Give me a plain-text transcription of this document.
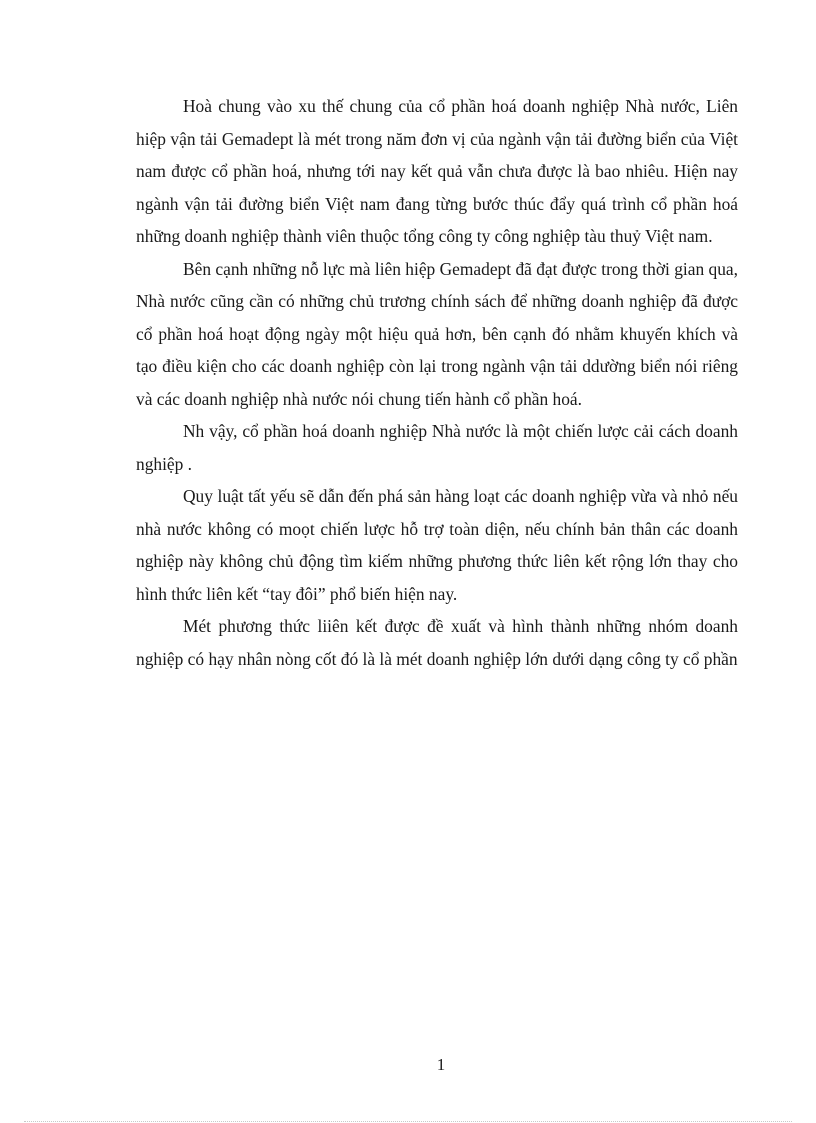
Hoà chung vào xu thế chung của cổ phần hoá doanh nghiệp Nhà nước, Liên hiệp vận tải Gemadept là mét trong năm đơn vị của ngành vận tải đường biển của Việt nam được cổ phần hoá, nhưng tới nay kết quả vẫn chưa được là bao nhiêu. Hiện nay ngành vận tải đường biển Việt nam đang từng bước thúc đẩy quá trình cổ phần hoá những doanh nghiệp thành viên thuộc tổng công ty công nghiệp tàu thuỷ Việt nam.

Bên cạnh những nỗ lực mà liên hiệp Gemadept đã đạt được trong thời gian qua, Nhà nước cũng cần có những chủ trương chính sách để những doanh nghiệp đã được cổ phần hoá hoạt động ngày một hiệu quả hơn, bên cạnh đó nhằm khuyến khích và tạo điều kiện cho các doanh nghiệp còn lại trong ngành vận tải ddường biển nói riêng và các doanh nghiệp nhà nước nói chung tiến hành cổ phần hoá.

Nh vậy, cổ phần hoá doanh nghiệp Nhà nước là một chiến lược cải cách doanh nghiệp .

Quy luật tất yếu sẽ dẫn đến phá sản hàng loạt các doanh nghiệp vừa và nhỏ nếu nhà nước không có moọt chiến lược hỗ trợ toàn diện, nếu chính bản thân các doanh nghiệp này không chủ động tìm kiếm những phương thức liên kết rộng lớn thay cho hình thức liên kết “tay đôi” phổ biến hiện nay.

Mét phương thức liiên kết được đề xuất và hình thành những nhóm doanh nghiệp có hạy nhân nòng cốt đó là là mét doanh nghiệp lớn dưới dạng công ty cổ phần

1
